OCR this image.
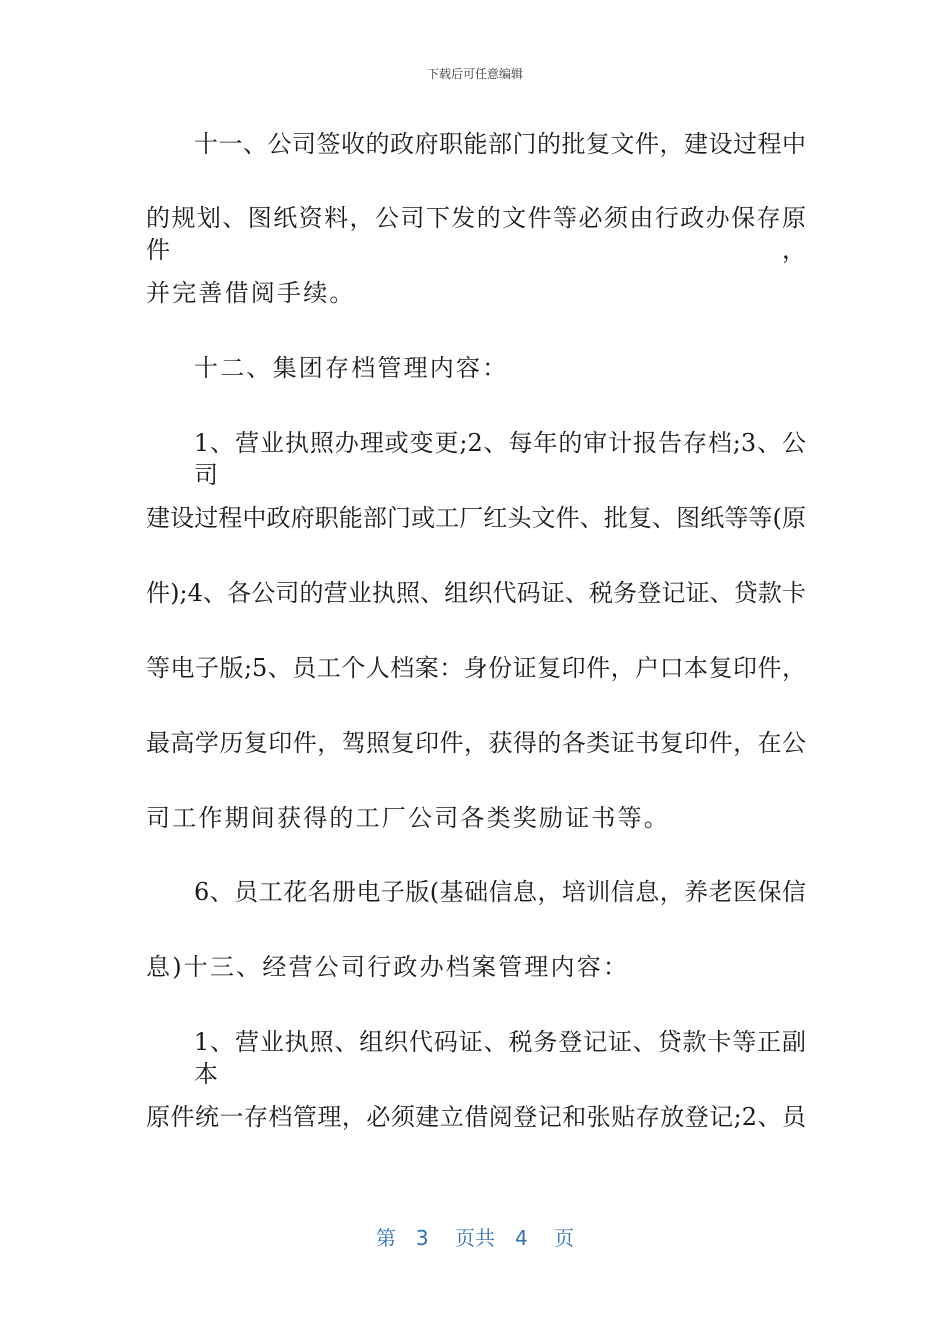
下载后可任意编辑
十一、公司签收的政府职能部门的批复文件，建设过程中
的规划、图纸资料，公司下发的文件等必须由行政办保存原件，
并完善借阅手续。
十二、集团存档管理内容：
1、营业执照办理或变更;2、每年的审计报告存档;3、公司
建设过程中政府职能部门或工厂红头文件、批复、图纸等等(原
件);4、各公司的营业执照、组织代码证、税务登记证、贷款卡
等电子版;5、员工个人档案：身份证复印件，户口本复印件，
最高学历复印件，驾照复印件，获得的各类证书复印件，在公
司工作期间获得的工厂公司各类奖励证书等。
6、员工花名册电子版(基础信息，培训信息，养老医保信
息)十三、经营公司行政办档案管理内容：
1、营业执照、组织代码证、税务登记证、贷款卡等正副本
原件统一存档管理，必须建立借阅登记和张贴存放登记;2、员
第　3　 页共　4　 页
